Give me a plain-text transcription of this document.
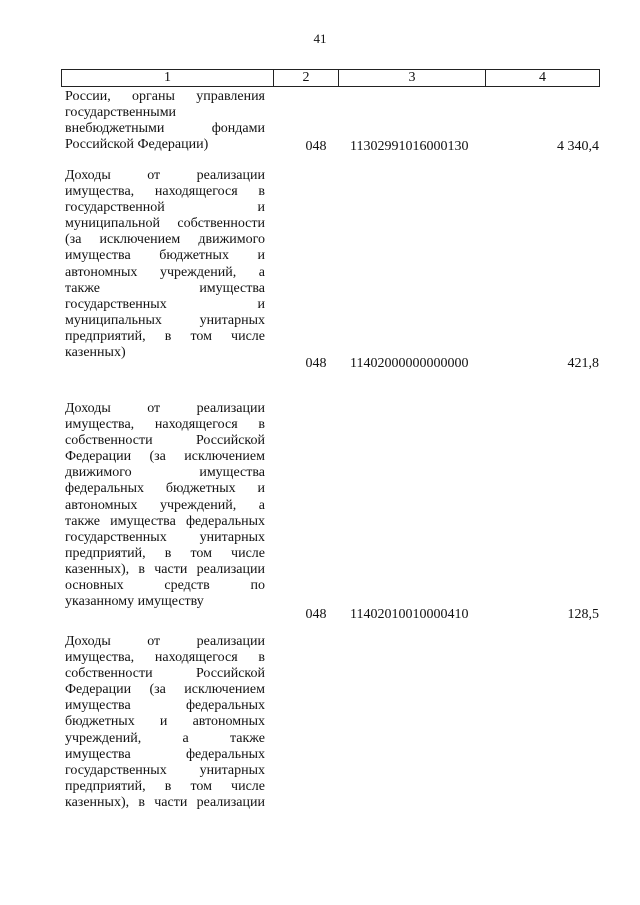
41
1	2	3	4
России, органы управления
государственными
внебюджетными фондами
Российской Федерации)	048	11302991016000130	4 340,4
Доходы от реализации
имущества, находящегося в
государственной и
муниципальной собственности
(за исключением движимого
имущества бюджетных и
автономных учреждений, а
также имущества
государственных и
муниципальных унитарных
предприятий, в том числе
казенных)
048	11402000000000000	421,8
Доходы от реализации
имущества, находящегося в
собственности Российской
Федерации (за исключением
движимого имущества
федеральных бюджетных и
автономных учреждений, а
также имущества федеральных
государственных унитарных
предприятий, в том числе
казенных), в части реализации
основных средств по
указанному имуществу
048	11402010010000410	128,5
Доходы от реализации
имущества, находящегося в
собственности Российской
Федерации (за исключением
имущества федеральных
бюджетных и автономных
учреждений, а также
имущества федеральных
государственных унитарных
предприятий, в том числе
казенных), в части реализации
